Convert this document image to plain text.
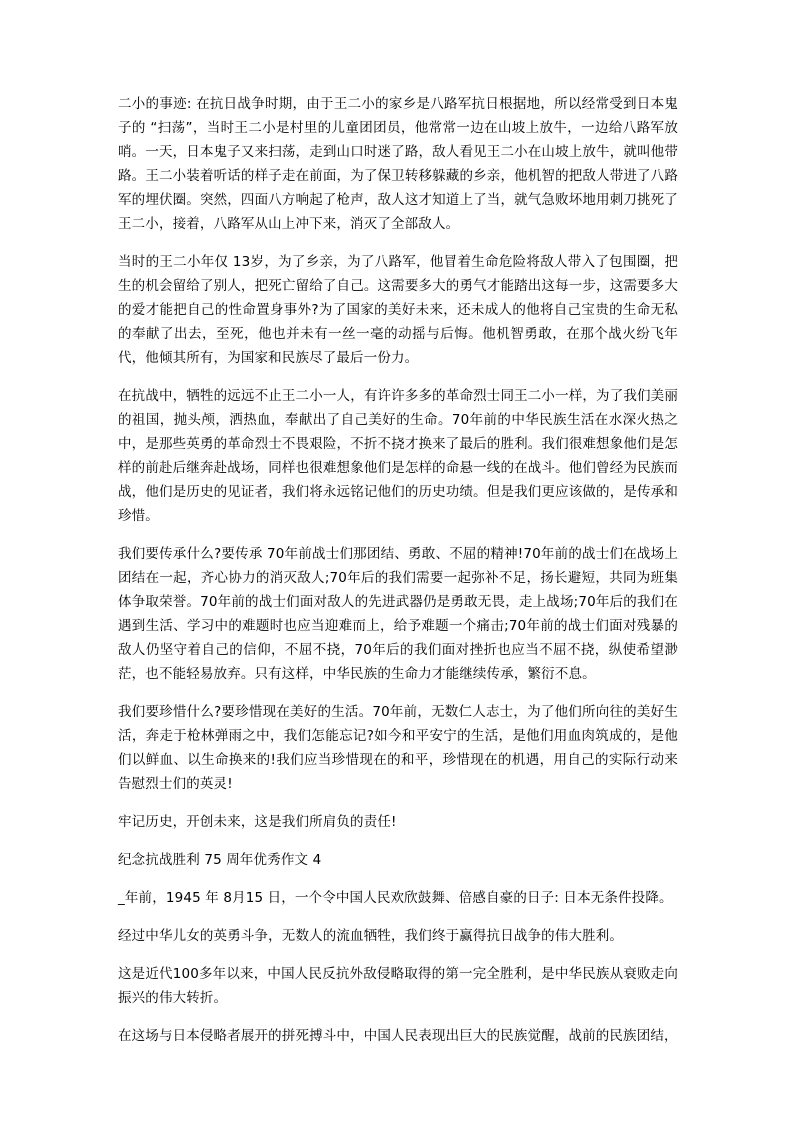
二小的事迹: 在抗日战争时期，由于王二小的家乡是八路军抗日根据地，所以经常受到日本鬼子的 “扫荡”，当时王二小是村里的儿童团团员，他常常一边在山坡上放牛，一边给八路军放哨。一天，日本鬼子又来扫荡，走到山口时迷了路，敌人看见王二小在山坡上放牛，就叫他带路。王二小装着听话的样子走在前面，为了保卫转移躲藏的乡亲，他机智的把敌人带进了八路军的埋伏圈。突然，四面八方响起了枪声，敌人这才知道上了当，就气急败坏地用刺刀挑死了王二小，接着，八路军从山上冲下来，消灭了全部敌人。

当时的王二小年仅 13岁，为了乡亲，为了八路军，他冒着生命危险将敌人带入了包围圈，把生的机会留给了别人，把死亡留给了自己。这需要多大的勇气才能踏出这每一步，这需要多大的爱才能把自己的性命置身事外?为了国家的美好未来，还未成人的他将自己宝贵的生命无私的奉献了出去，至死，他也并未有一丝一毫的动摇与后悔。他机智勇敢，在那个战火纷飞年代，他倾其所有，为国家和民族尽了最后一份力。

在抗战中，牺牲的远远不止王二小一人，有许许多多的革命烈士同王二小一样，为了我们美丽的祖国，抛头颅，洒热血，奉献出了自己美好的生命。70年前的中华民族生活在水深火热之中，是那些英勇的革命烈士不畏艰险，不折不挠才换来了最后的胜利。我们很难想象他们是怎样的前赴后继奔赴战场，同样也很难想象他们是怎样的命悬一线的在战斗。他们曾经为民族而战，他们是历史的见证者，我们将永远铭记他们的历史功绩。但是我们更应该做的，是传承和珍惜。

我们要传承什么?要传承 70年前战士们那团结、勇敢、不屈的精神!70年前的战士们在战场上团结在一起，齐心协力的消灭敌人;70年后的我们需要一起弥补不足，扬长避短，共同为班集体争取荣誉。70年前的战士们面对敌人的先进武器仍是勇敢无畏，走上战场;70年后的我们在遇到生活、学习中的难题时也应当迎难而上，给予难题一个痛击;70年前的战士们面对残暴的敌人仍坚守着自己的信仰，不屈不挠，70年后的我们面对挫折也应当不屈不挠，纵使希望渺茫，也不能轻易放弃。只有这样，中华民族的生命力才能继续传承，繁衍不息。

我们要珍惜什么?要珍惜现在美好的生活。70年前，无数仁人志士，为了他们所向往的美好生活，奔走于枪林弹雨之中，我们怎能忘记?如今和平安宁的生活，是他们用血肉筑成的，是他们以鲜血、以生命换来的!我们应当珍惜现在的和平，珍惜现在的机遇，用自己的实际行动来告慰烈士们的英灵!

牢记历史，开创未来，这是我们所肩负的责任!

纪念抗战胜利 75 周年优秀作文 4

_年前，1945 年 8月15 日，一个令中国人民欢欣鼓舞、倍感自豪的日子: 日本无条件投降。

经过中华儿女的英勇斗争，无数人的流血牺牲，我们终于赢得抗日战争的伟大胜利。

这是近代100多年以来，中国人民反抗外敌侵略取得的第一完全胜利，是中华民族从衰败走向振兴的伟大转折。

在这场与日本侵略者展开的拼死搏斗中，中国人民表现出巨大的民族觉醒，战前的民族团结，
